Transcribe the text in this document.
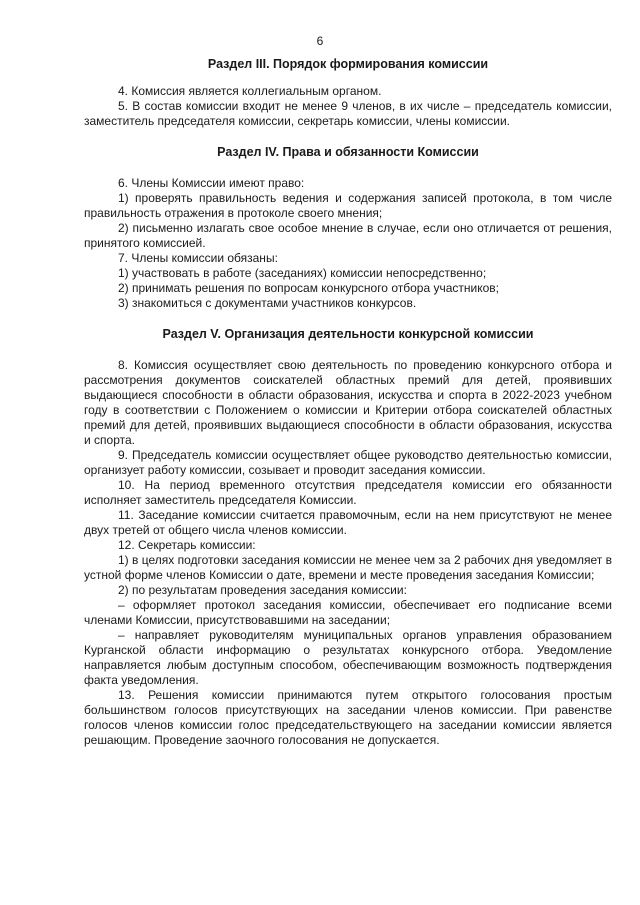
6

Раздел III. Порядок формирования комиссии

4. Комиссия является коллегиальным органом.

5. В состав комиссии входит не менее 9 членов, в их числе – председатель комиссии, заместитель председателя комиссии, секретарь комиссии, члены комиссии.

Раздел IV. Права и обязанности Комиссии

6. Члены Комиссии имеют право:

1) проверять правильность ведения и содержания записей протокола, в том числе правильность отражения в протоколе своего мнения;

2) письменно излагать свое особое мнение в случае, если оно отличается от решения, принятого комиссией.

7. Члены комиссии обязаны:

1) участвовать в работе (заседаниях) комиссии непосредственно;

2) принимать решения по вопросам конкурсного отбора участников;

3) знакомиться с документами участников конкурсов.

Раздел V. Организация деятельности конкурсной комиссии

8. Комиссия осуществляет свою деятельность по проведению конкурсного отбора и рассмотрения документов соискателей областных премий для детей, проявивших выдающиеся способности в области образования, искусства и спорта в 2022-2023 учебном году в соответствии с Положением о комиссии и Критерии отбора соискателей областных премий для детей, проявивших выдающиеся способности в области образования, искусства и спорта.

9. Председатель комиссии осуществляет общее руководство деятельностью комиссии, организует работу комиссии, созывает и проводит заседания комиссии.

10. На период временного отсутствия председателя комиссии его обязанности исполняет заместитель председателя Комиссии.

11. Заседание комиссии считается правомочным, если на нем присутствуют не менее двух третей от общего числа членов комиссии.

12. Секретарь комиссии:

1) в целях подготовки заседания комиссии не менее чем за 2 рабочих дня уведомляет в устной форме членов Комиссии о дате, времени и месте проведения заседания Комиссии;

2) по результатам проведения заседания комиссии:

– оформляет протокол заседания комиссии, обеспечивает его подписание всеми членами Комиссии, присутствовавшими на заседании;

– направляет руководителям муниципальных органов управления образованием Курганской области информацию о результатах конкурсного отбора. Уведомление направляется любым доступным способом, обеспечивающим возможность подтверждения факта уведомления.

13. Решения комиссии принимаются путем открытого голосования простым большинством голосов присутствующих на заседании членов комиссии. При равенстве голосов членов комиссии голос председательствующего на заседании комиссии является решающим. Проведение заочного голосования не допускается.
